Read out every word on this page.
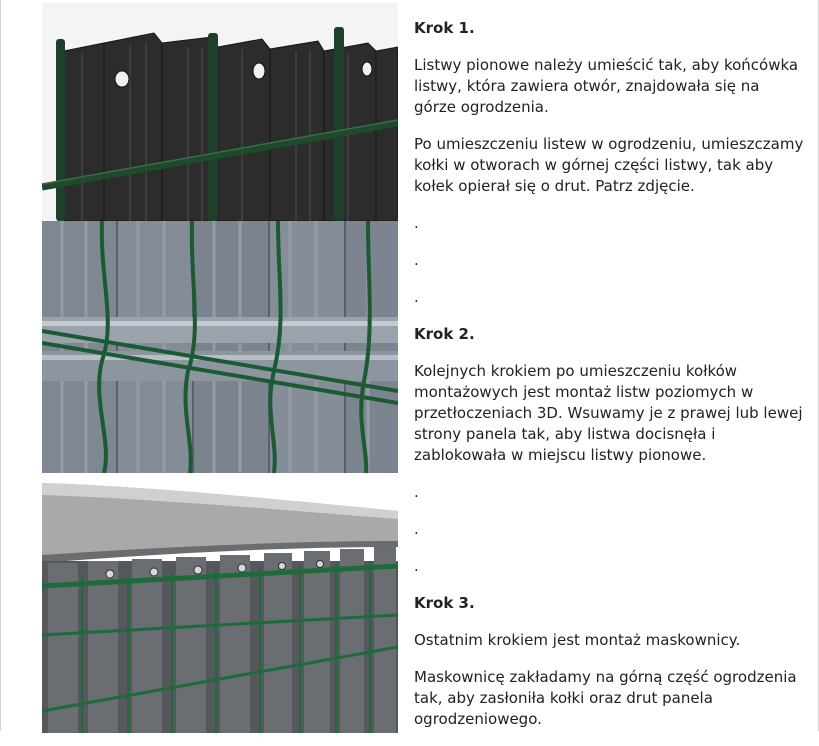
Krok 1.

Listwy pionowe należy umieścić tak, aby końcówka listwy, która zawiera otwór, znajdowała się na górze ogrodzenia.

Po umieszczeniu listew w ogrodzeniu, umieszczamy kołki w otworach w górnej części listwy, tak aby kołek opierał się o drut. Patrz zdjęcie.

.
.
.
Krok 2.

Kolejnych krokiem po umieszczeniu kołków montażowych jest montaż listw poziomych w przetłoczeniach 3D. Wsuwamy je z prawej lub lewej strony panela tak, aby listwa docisnęła i zablokowała w miejscu listwy pionowe.

.
.
.
Krok 3.

Ostatnim krokiem jest montaż maskownicy.

Maskownicę zakładamy na górną część ogrodzenia tak, aby zasłoniła kołki oraz drut panela ogrodzeniowego.
